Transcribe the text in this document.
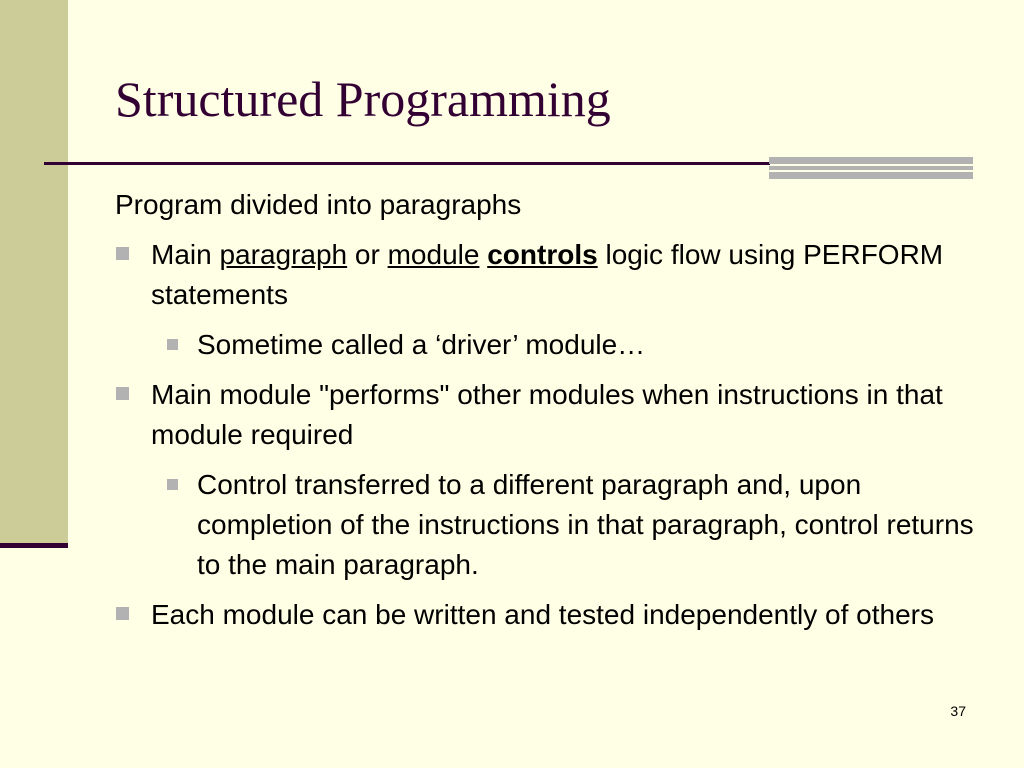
Structured Programming

Program divided into paragraphs

Main paragraph or module controls logic flow using PERFORM statements

Sometime called a ‘driver’ module…

Main module "performs" other modules when instructions in that module required

Control transferred to a different paragraph and, upon completion of the instructions in that paragraph, control returns to the main paragraph.

Each module can be written and tested independently of others

37
